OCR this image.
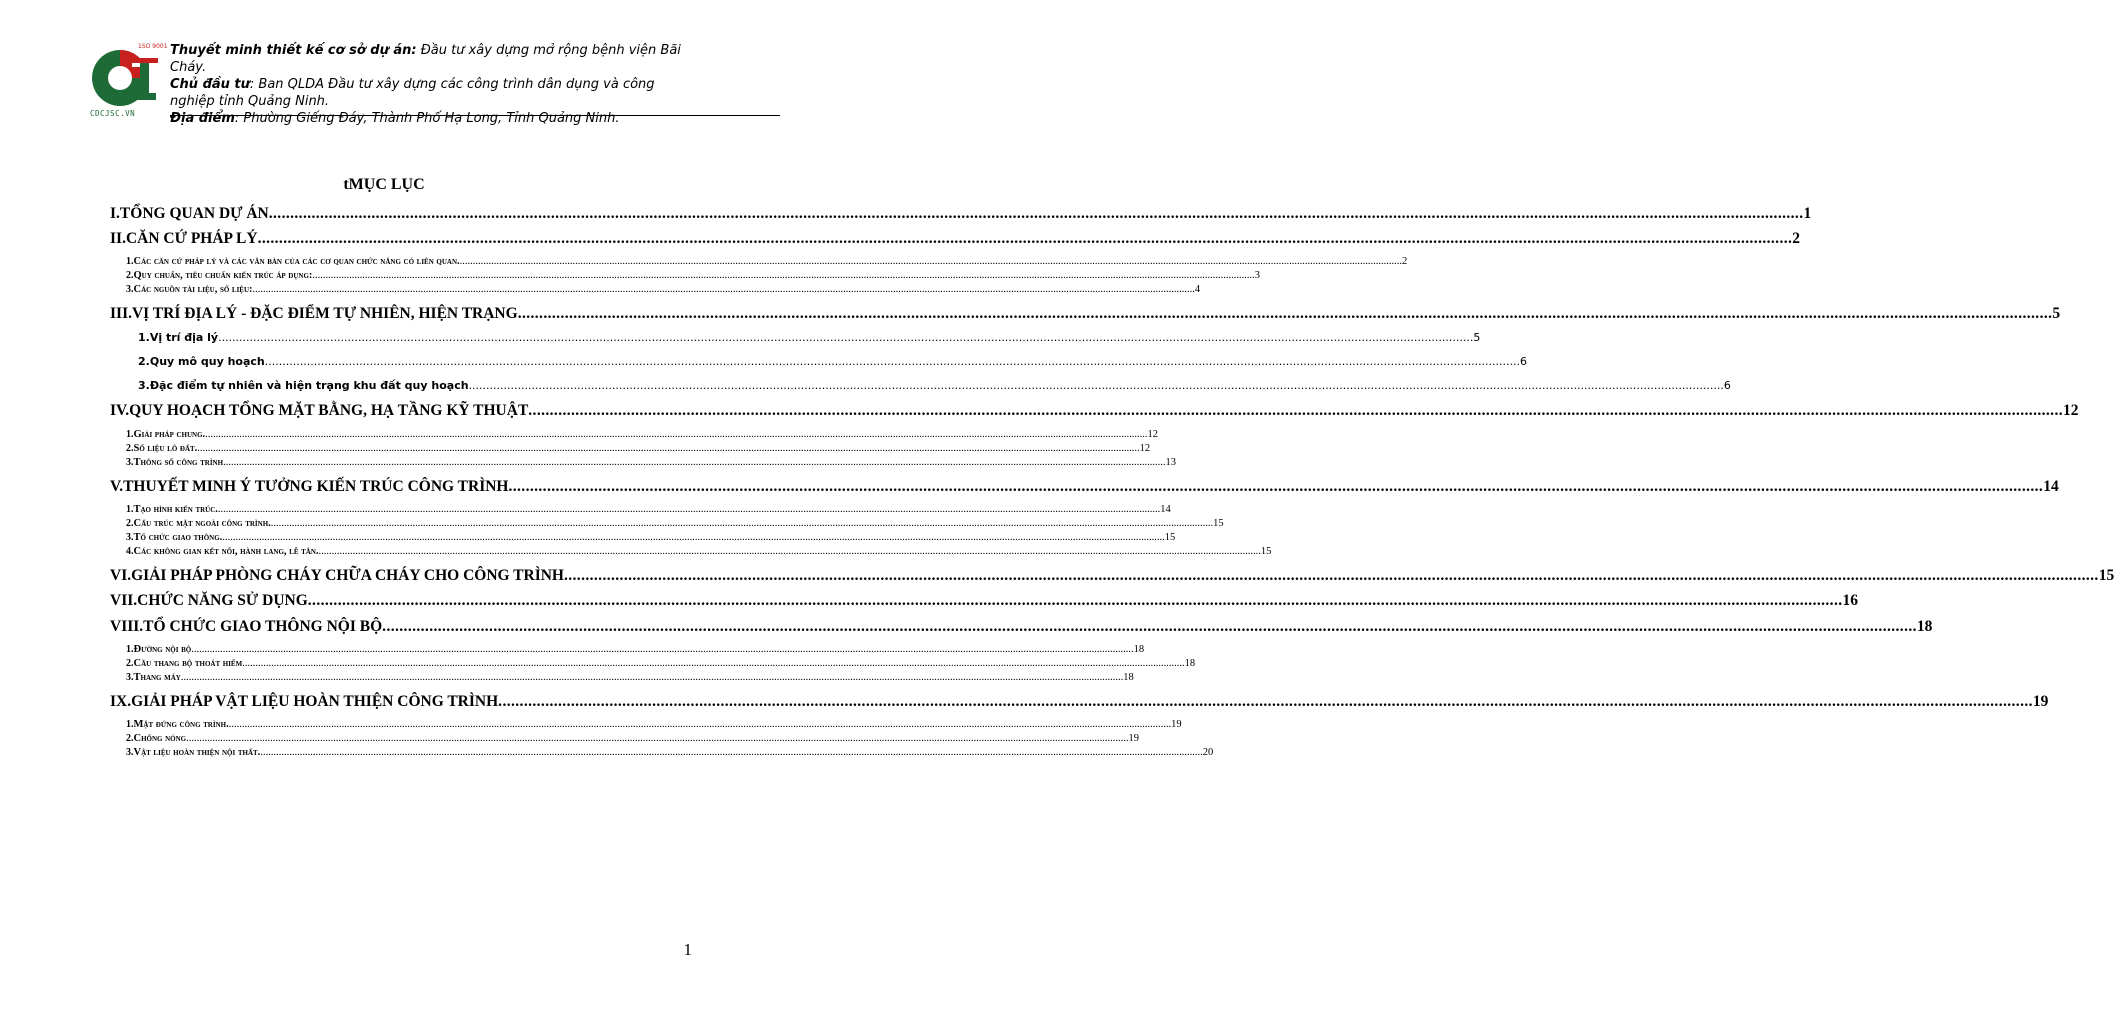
1SO 9001
CDCJSC.VN
Thuyết minh thiết kế cơ sở dự án: Đầu tư xây dựng mở rộng bệnh viện Bãi Cháy.
Chủ đầu tư: Ban QLDA Đầu tư xây dựng các công trình dân dụng và công nghiệp tỉnh Quảng Ninh.
Địa điểm: Phường Giếng Đáy, Thành Phố Hạ Long, Tỉnh Quảng Ninh.
tMỤC LỤC
I. TỔNG QUAN DỰ ÁN .....	1
II. CĂN CỨ PHÁP LÝ .....	2
1. Các căn cứ pháp lý và các văn bản của các cơ quan chức năng có liên quan. .....	2
2. Quy chuẩn, tiêu chuẩn kiến trúc áp dụng: .....	3
3. Các nguồn tài liệu, số liệu: .....	4
III. VỊ TRÍ ĐỊA LÝ - ĐẶC ĐIỂM TỰ NHIÊN, HIỆN TRẠNG .....	5
1. Vị trí địa lý .....	5
2. Quy mô quy hoạch .....	6
3. Đặc điểm tự nhiên và hiện trạng khu đất quy hoạch .....	6
IV. QUY HOẠCH TỔNG MẶT BẰNG, HẠ TẦNG KỸ THUẬT .....	12
1. Giải pháp chung. .....	12
2. Số liệu lô đất. .....	12
3. Thông số công trình .....	13
V. THUYẾT MINH Ý TƯỞNG KIẾN TRÚC CÔNG TRÌNH .....	14
1. Tạo hình kiến trúc. .....	14
2. Cấu trúc mặt ngoài công trình. .....	15
3. Tổ chức giao thông. .....	15
4. Các không gian kết nối, hành lang, lễ tân. .....	15
VI. GIẢI PHÁP PHÒNG CHÁY CHỮA CHÁY CHO CÔNG TRÌNH .....	15
VII. CHỨC NĂNG SỬ DỤNG .....	16
VIII. TỔ CHỨC GIAO THÔNG NỘI BỘ .....	18
1. Đường nội bộ .....	18
2. Cầu thang bộ thoát hiểm .....	18
3. Thang máy .....	18
IX. GIẢI PHÁP VẬT LIỆU HOÀN THIỆN CÔNG TRÌNH .....	19
1. Mặt đứng công trình. .....	19
2. Chống nóng .....	19
3. Vật liệu hoàn thiện nội thất. .....	20
1
